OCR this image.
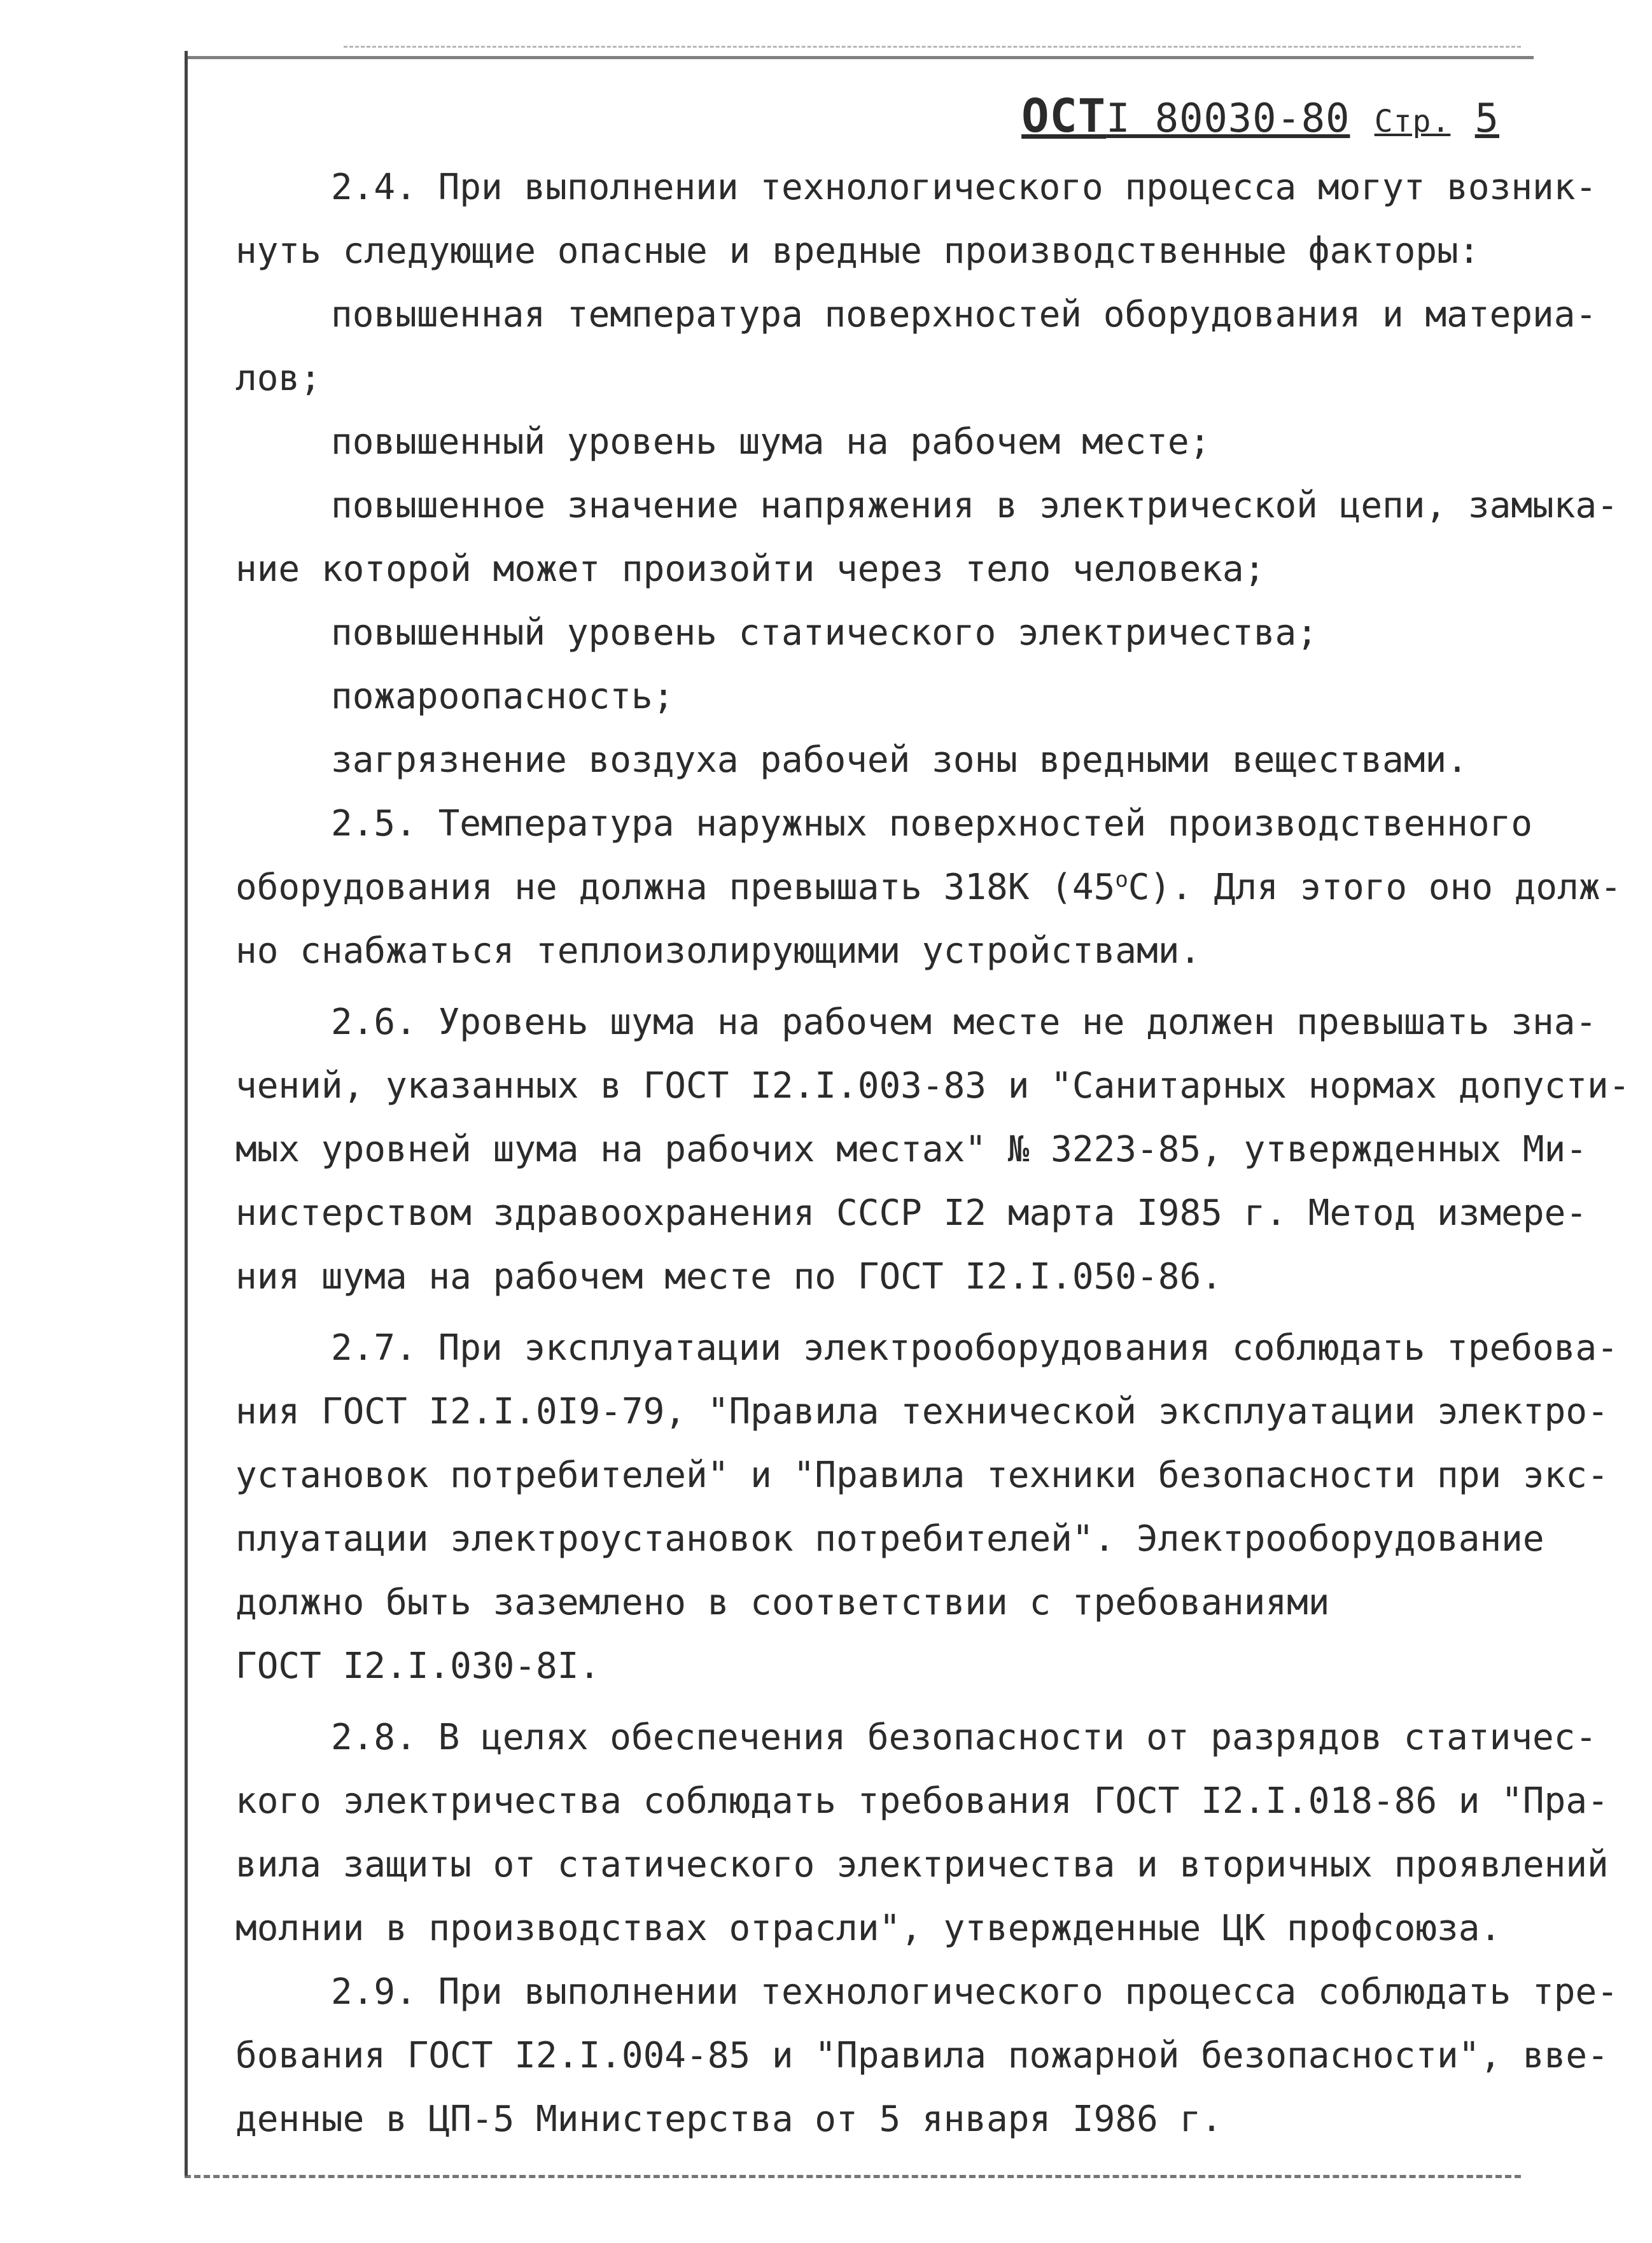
ОСТI 80030-80 Стр. 5
2.4. При выполнении технологического процесса могут возник-
нуть следующие опасные и вредные производственные факторы:
повышенная температура поверхностей оборудования и материа-
лов;
повышенный уровень шума на рабочем месте;
повышенное значение напряжения в электрической цепи, замыка-
ние которой может произойти через тело человека;
повышенный уровень статического электричества;
пожароопасность;
загрязнение воздуха рабочей зоны вредными веществами.
2.5. Температура наружных поверхностей производственного
оборудования не должна превышать 318К $(45^оС)$. Для этого оно долж-
но снабжаться теплоизолирующими устройствами.
2.6. Уровень шума на рабочем месте не должен превышать зна-
чений, указанных в ГОСТ I2.I.003-83 и "Санитарных нормах допусти-
мых уровней шума на рабочих местах" № 3223-85, утвержденных Ми-
нистерством здравоохранения СССР I2 марта I985 г. Метод измере-
ния шума на рабочем месте по ГОСТ I2.I.050-86.
2.7. При эксплуатации электрооборудования соблюдать требова-
ния ГОСТ I2.I.0I9-79, "Правила технической эксплуатации электро-
установок потребителей" и "Правила техники безопасности при экс-
плуатации электроустановок потребителей". Электрооборудование
должно быть заземлено в соответствии с требованиями
ГОСТ I2.I.030-8I.
2.8. В целях обеспечения безопасности от разрядов статичес-
кого электричества соблюдать требования ГОСТ I2.I.018-86 и "Пра-
вила защиты от статического электричества и вторичных проявлений
молнии в производствах отрасли", утвержденные ЦК профсоюза.
2.9. При выполнении технологического процесса соблюдать тре-
бования ГОСТ I2.I.004-85 и "Правила пожарной безопасности", вве-
денные в ЦП-5 Министерства от 5 января I986 г.
